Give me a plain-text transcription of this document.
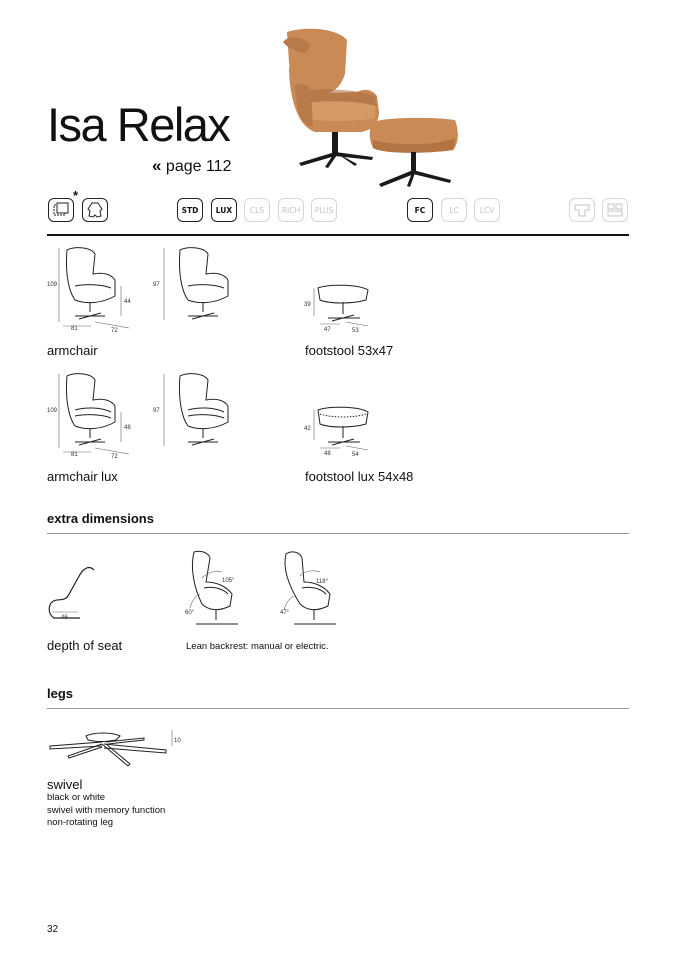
Isa Relax
« page 112
*
STD	LUX	CLS	RICH	PLUS	FC	LC	LCV
109
44
81	72
97
39
47	53
armchair	footstool 53x47
109
48
81	72
97
42
48	54
armchair lux	footstool lux 54x48
extra dimensions
46
depth of seat
105°
60°
118°
47°
Lean backrest: manual or electric.
legs
10
swivel
black or white
swivel with memory function
non-rotating leg
32
